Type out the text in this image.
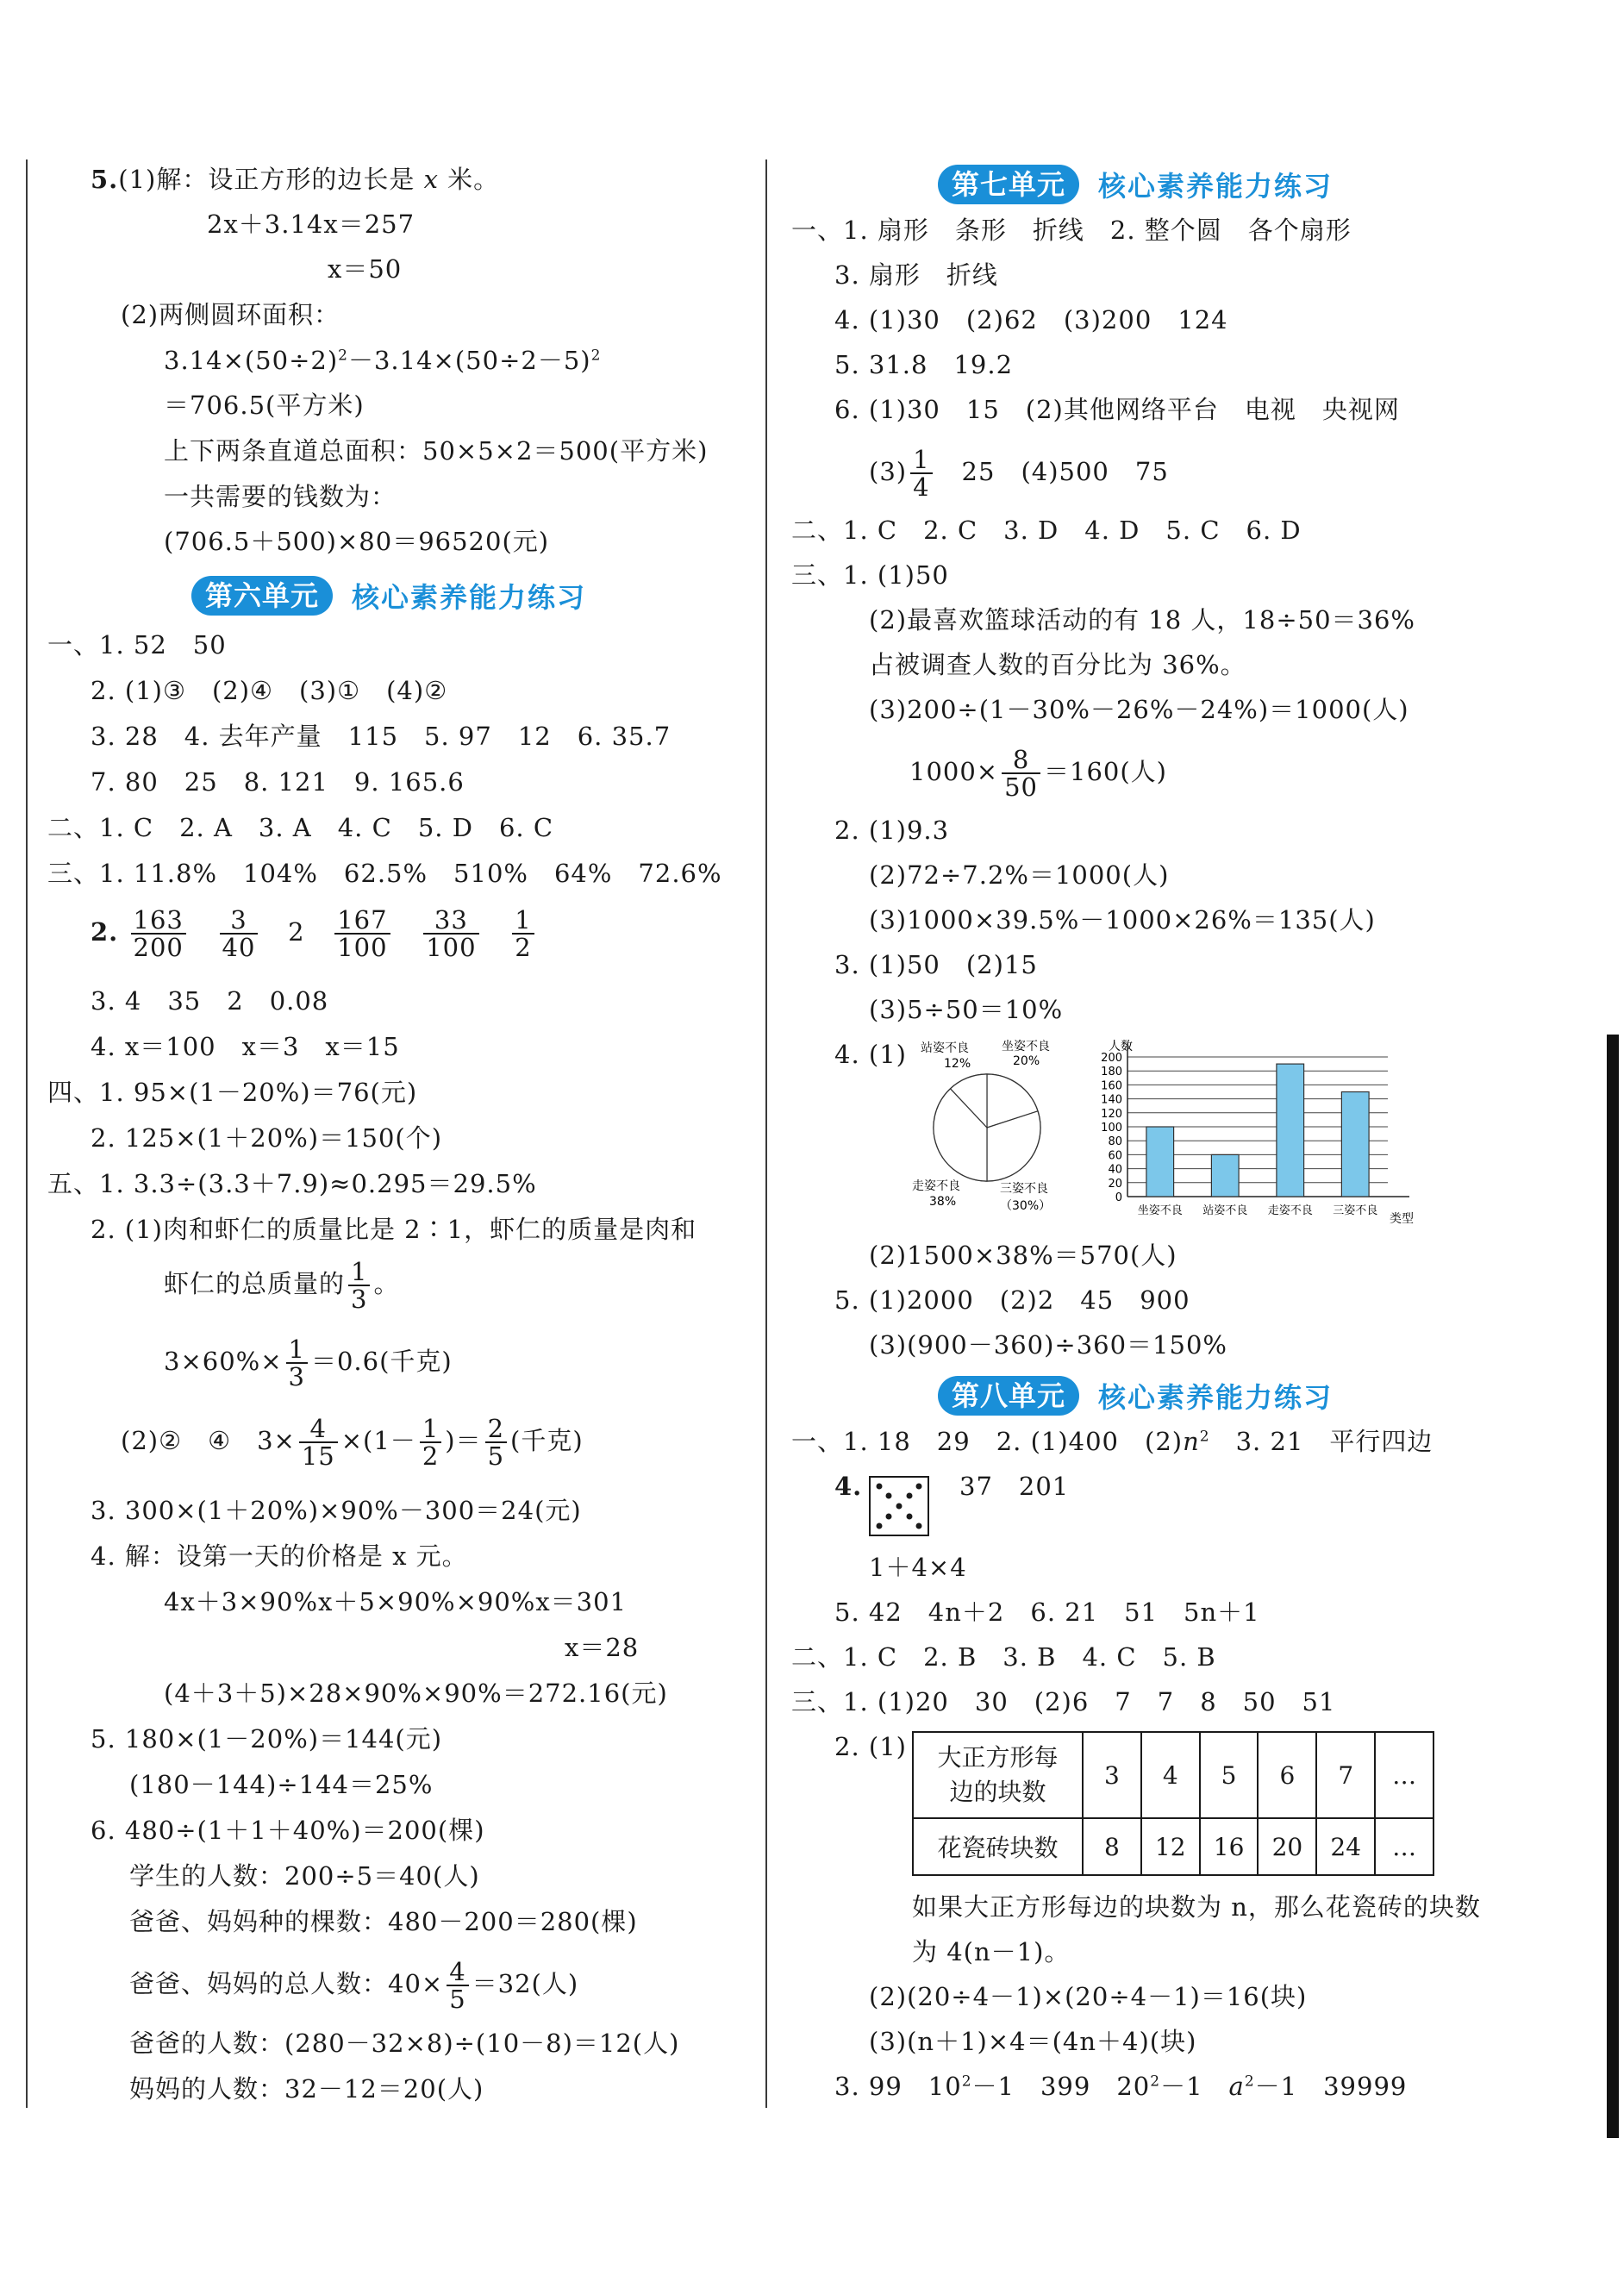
5.(1)解：设正方形的边长是 x 米。
2x＋3.14x＝257
x＝50
(2)两侧圆环面积：
$3.14\times(50\div 2)^2-3.14\times(50\div 2-5)^2$
＝706.5(平方米)
上下两条直道总面积：50×5×2＝500(平方米)
一共需要的钱数为：
(706.5＋500)×80＝96520(元)
第六单元	核心素养能力练习
一、1. 52　50
2. (1)③　(2)④　(3)①　(4)②
3. 28　4. 去年产量　115　5. 97　12　6. 35.7
7. 80　25　8. 121　9. 165.6
二、1. C　2. A　3. A　4. C　5. D　6. C
三、1. 11.8%　104%　62.5%　510%　64%　72.6%
2. $\frac{163}{200}$
$\frac{3}{40} 2 \frac{167}{100}$
$\frac{33}{100}$
$\frac{1}{2}$
3. 4　35　2　0.08
4. x＝100　x＝3　x＝15
四、1. 95×(1－20%)＝76(元)
2. 125×(1＋20%)＝150(个)
五、1. 3.3÷(3.3＋7.9)≈0.295＝29.5%
2. (1)肉和虾仁的质量比是 2∶1，虾仁的质量是肉和
虾仁的总质量的 $\frac{1}{3}$ 。
$3\times 60\%\times \frac{1}{3} =0.6$(千克)
(2)②　④　$3\times \frac{4}{15} \times(1- \frac{1}{2}$ )＝ $\frac{2}{5}$ (千克)
3. 300×(1＋20%)×90%－300＝24(元)
4. 解：设第一天的价格是 x 元。
4x＋3×90%x＋5×90%×90%x＝301
x＝28
(4＋3＋5)×28×90%×90%＝272.16(元)
5. 180×(1－20%)＝144(元)
(180－144)÷144＝25%
6. 480÷(1＋1＋40%)＝200(棵)
学生的人数：200÷5＝40(人)
爸爸、妈妈种的棵数：480－200＝280(棵)
爸爸、妈妈的总人数：$40\times \frac{4}{5} =32$(人)
爸爸的人数：(280－32×8)÷(10－8)＝12(人)
妈妈的人数：32－12＝20(人)
第七单元	核心素养能力练习
一、1. 扇形　条形　折线　2. 整个圆　各个扇形
3. 扇形　折线
4. (1)30　(2)62　(3)200　124
5. 31.8　19.2
6. (1)30　15　(2)其他网络平台　电视　央视网
$(3) \frac{1}{4}$ 　25　(4)500　75
二、1. C　2. C　3. D　4. D　5. C　6. D
三、1. (1)50
(2)最喜欢篮球活动的有 18 人，18÷50＝36%
占被调查人数的百分比为 36%。
(3)200÷(1－30%－26%－24%)＝1000(人)
$1000\times \frac{8}{50} =160$(人)
2. (1)9.3
(2)72÷7.2%＝1000(人)
(3)1000×39.5%－1000×26%＝135(人)
3. (1)50　(2)15
(3)5÷50＝10%
4. (1) 站姿不良
12%
坐姿不良
20%
走姿不良
38%
三姿不良
（30%）
人数
0
20
40
60
80
100
120
140
160
180
200
坐姿不良 站姿不良 走姿不良 三姿不良
类型
(2)1500×38%＝570(人)
5. (1)2000　(2)2　45　900
(3)(900－360)÷360＝150%
第八单元	核心素养能力练习
一、1. 18　29　2. (1)400　$(2)n^2$　3. 21　平行四边
4.	37　201
1＋4×4
5. 42　4n＋2　6. 21　51　5n＋1
二、1. C　2. B　3. B　4. C　5. B
三、1. (1)20　30　(2)6　7　7　8　50　51
2. (1) 大正方形每
边的块数	3	4	5	6	7	…
花瓷砖块数	8	12	16	20	24	…
如果大正方形每边的块数为 n，那么花瓷砖的块数
为 4(n－1)。
(2)(20÷4－1)×(20÷4－1)＝16(块)
(3)(n＋1)×4＝(4n＋4)(块)
3. 99　$10^2-1$　399　$20^2-1$　$a^2-1$　39999
